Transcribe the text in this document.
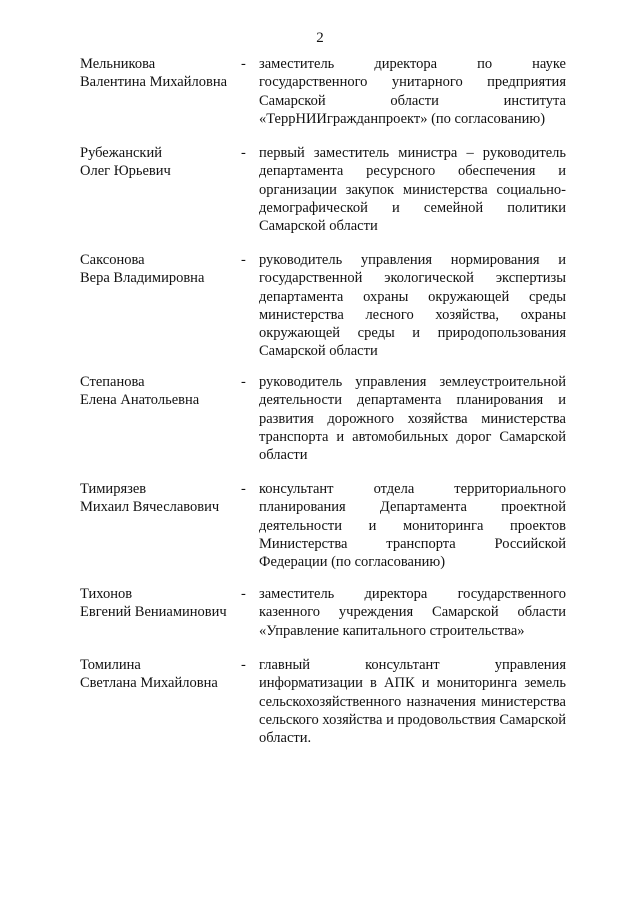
2
Мельникова
Валентина Михайловна
- заместитель директора по науке государственного унитарного предприятия Самарской области института «ТеррНИИгражданпроект» (по согласованию)
Рубежанский
Олег Юрьевич
- первый заместитель министра – руководитель департамента ресурсного обеспечения и организации закупок министерства социально-демографической и семейной политики Самарской области
Саксонова
Вера Владимировна
- руководитель управления нормирования и государственной экологической экспертизы департамента охраны окружающей среды министерства лесного хозяйства, охраны окружающей среды и природопользования Самарской области
Степанова
Елена Анатольевна
- руководитель управления землеустроительной деятельности департамента планирования и развития дорожного хозяйства министерства транспорта и автомобильных дорог Самарской области
Тимирязев
Михаил Вячеславович
- консультант отдела территориального планирования Департамента проектной деятельности и мониторинга проектов Министерства транспорта Российской Федерации (по согласованию)
Тихонов
Евгений Вениаминович
- заместитель директора государственного казенного учреждения Самарской области «Управление капитального строительства»
Томилина
Светлана Михайловна
- главный консультант управления информатизации в АПК и мониторинга земель сельскохозяйственного назначения министерства сельского хозяйства и продовольствия Самарской области.
